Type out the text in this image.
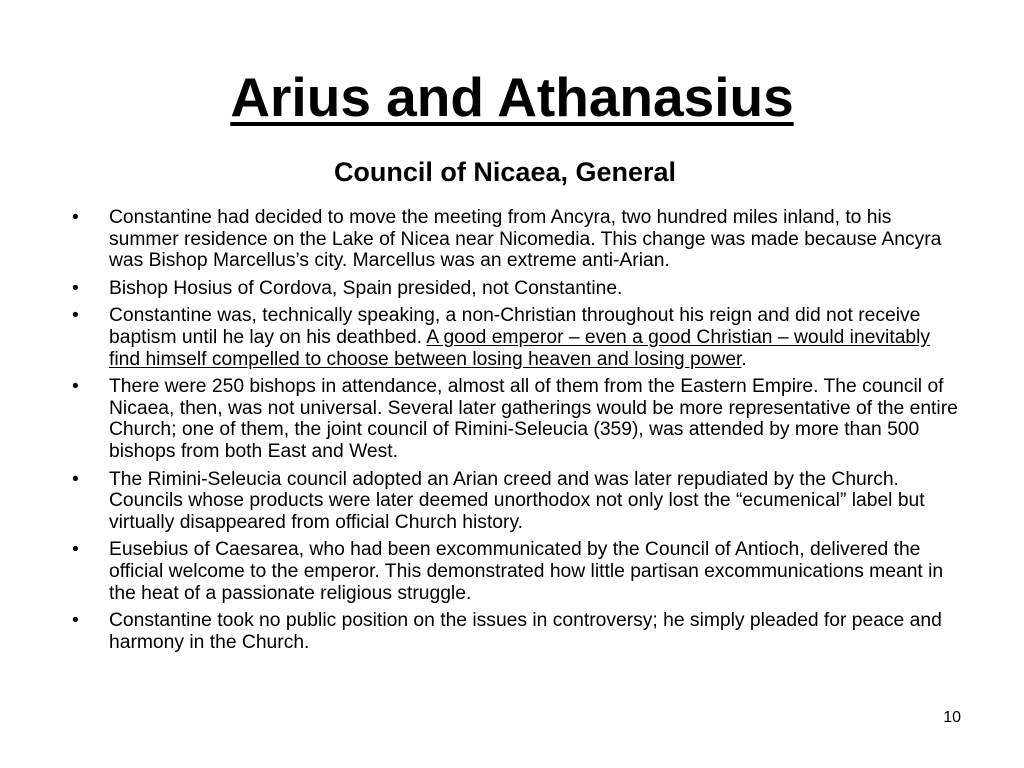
Arius and Athanasius
Council of Nicaea, General
•	Constantine had decided to move the meeting from Ancyra, two hundred miles inland, to his summer residence on the Lake of Nicea near Nicomedia. This change was made because Ancyra was Bishop Marcellus’s city. Marcellus was an extreme anti-Arian.
•	Bishop Hosius of Cordova, Spain presided, not Constantine.
•	Constantine was, technically speaking, a non-Christian throughout his reign and did not receive baptism until he lay on his deathbed. A good emperor – even a good Christian – would inevitably find himself compelled to choose between losing heaven and losing power.
•	There were 250 bishops in attendance, almost all of them from the Eastern Empire. The council of Nicaea, then, was not universal. Several later gatherings would be more representative of the entire Church; one of them, the joint council of Rimini-Seleucia (359), was attended by more than 500 bishops from both East and West.
•	The Rimini-Seleucia council adopted an Arian creed and was later repudiated by the Church. Councils whose products were later deemed unorthodox not only lost the “ecumenical” label but virtually disappeared from official Church history.
•	Eusebius of Caesarea, who had been excommunicated by the Council of Antioch, delivered the official welcome to the emperor. This demonstrated how little partisan excommunications meant in the heat of a passionate religious struggle.
•	Constantine took no public position on the issues in controversy; he simply pleaded for peace and harmony in the Church.
10
